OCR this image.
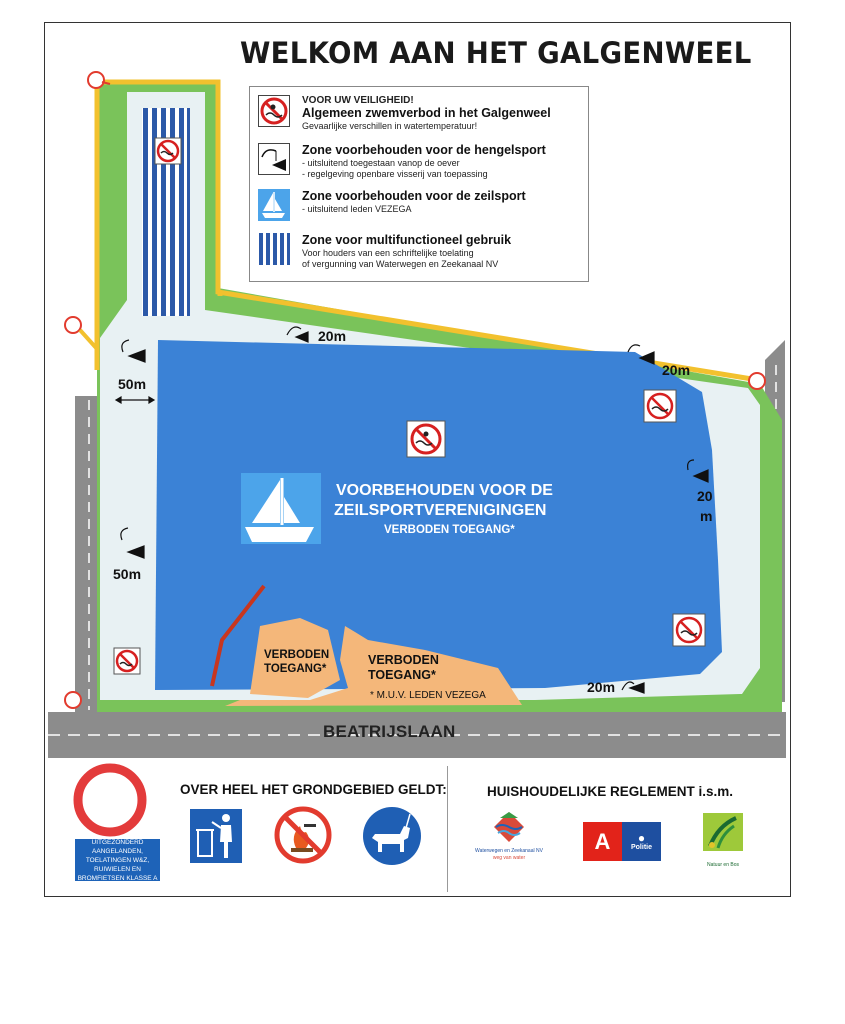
WELKOM AAN HET GALGENWEEL
VOOR UW VEILIGHEID!
Algemeen zwemverbod in het Galgenweel
Gevaarlijke verschillen in watertemperatuur!
Zone voorbehouden voor de hengelsport
- uitsluitend toegestaan vanop de oever
- regelgeving openbare visserij van toepassing
Zone voorbehouden voor de zeilsport
- uitsluitend leden VEZEGA
Zone voor multifunctioneel gebruik
Voor houders van een schriftelijke toelating
of vergunning van Waterwegen en Zeekanaal NV
20m
20m
50m
50m
20
m
20m
VOORBEHOUDEN VOOR DE
ZEILSPORTVERENIGINGEN
VERBODEN TOEGANG*
VERBODEN
TOEGANG*
VERBODEN
TOEGANG*
* M.U.V. LEDEN VEZEGA
BEATRIJSLAAN
OVER HEEL HET GRONDGEBIED GELDT:	HUISHOUDELIJKE REGLEMENT i.s.m.
UITGEZONDERD AANGELANDEN, TOELATINGEN W&Z, RUIWIELEN EN BROMFIETSEN KLASSE A
Waterwegen en Zeekanaal NV
weg van water
A	●
Politie
Natuur en Bos
